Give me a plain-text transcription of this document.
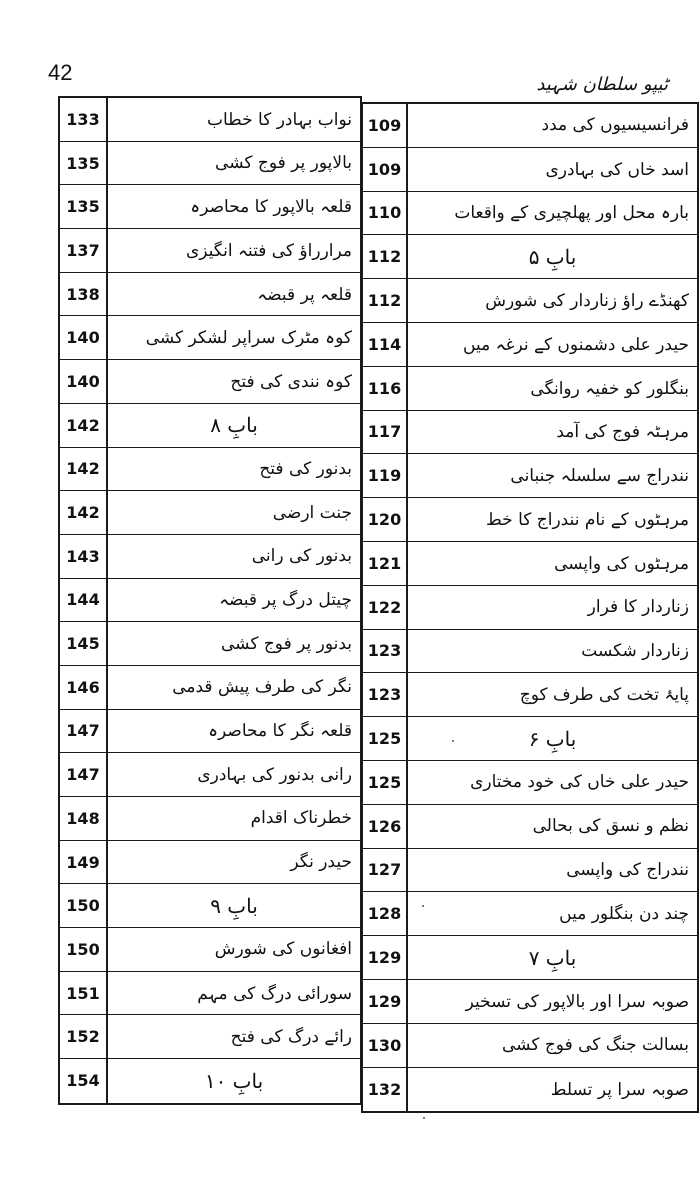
42	ٹیپو سلطان شہید
133	نواب بہادر کا خطاب
135	بالاپور پر فوج کشی
135	قلعہ بالاپور کا محاصرہ
137	مرارراؤ کی فتنہ انگیزی
138	قلعہ پر قبضہ
140	کوہ مٹرک سراپر لشکر کشی
140	کوہ نندی کی فتح
142	بابِ ۸
142	بدنور کی فتح
142	جنت ارضی
143	بدنور کی رانی
144	چیتل درگ پر قبضہ
145	بدنور پر فوج کشی
146	نگر کی طرف پیش قدمی
147	قلعہ نگر کا محاصرہ
147	رانی بدنور کی بہادری
148	خطرناک اقدام
149	حیدر نگر
150	بابِ ۹
150	افغانوں کی شورش
151	سورائی درگ کی مہم
152	رائے درگ کی فتح
154	بابِ ۱۰
109	فرانسیسیوں کی مدد
109	اسد خاں کی بہادری
110	بارہ محل اور پھلچیری کے واقعات
112	بابِ ۵
112	کھنڈے راؤ زناردار کی شورش
114	حیدر علی دشمنوں کے نرغہ میں
116	بنگلور کو خفیہ روانگی
117	مرہٹہ فوج کی آمد
119	نندراج سے سلسلہ جنبانی
120	مرہٹوں کے نام نندراج کا خط
121	مرہٹوں کی واپسی
122	زناردار کا فرار
123	زناردار شکست
123	پایۂ تخت کی طرف کوچ
125	بابِ ۶
125	حیدر علی خاں کی خود مختاری
126	نظم و نسق کی بحالی
127	نندراج کی واپسی
128	چند دن بنگلور میں
129	بابِ ۷
129	صوبہ سرا اور بالاپور کی تسخیر
130	بسالت جنگ کی فوج کشی
132	صوبہ سرا پر تسلط
